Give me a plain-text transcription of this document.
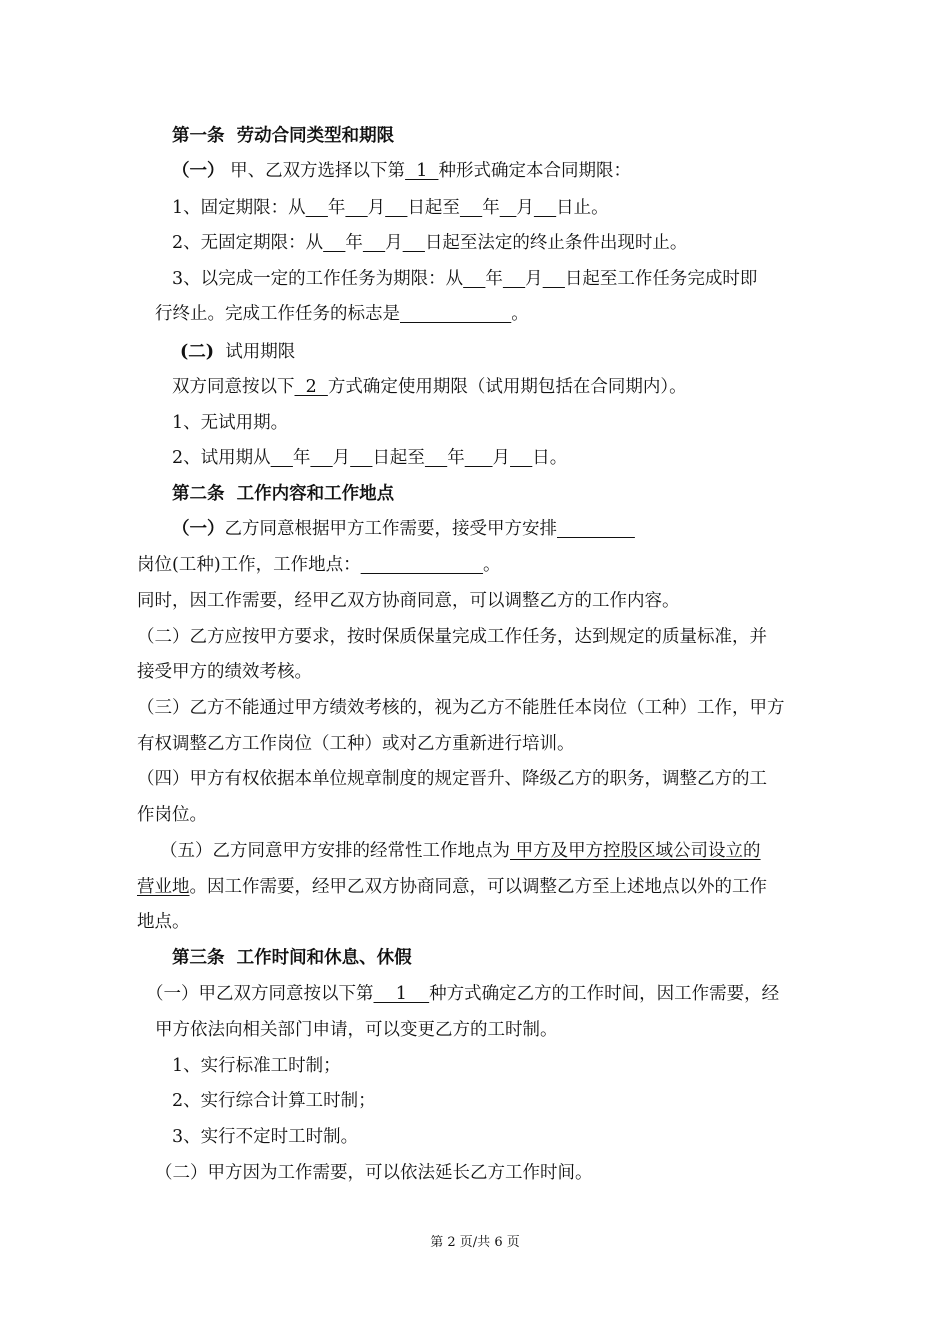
第一条  劳动合同类型和期限
（一） 甲、乙双方选择以下第  1  种形式确定本合同期限：
1、固定期限：从 年 月 日起至 年 月 日止。
2、无固定期限：从 年 月 日起至法定的终止条件出现时止。
3、以完成一定的工作任务为期限：从 年 月 日起至工作任务完成时即
行终止。完成工作任务的标志是	。
(二)  试用期限
双方同意按以下  2  方式确定使用期限（试用期包括在合同期内）。
1、无试用期。
2、试用期从 年 月 日起至 年 月 日。
第二条  工作内容和工作地点
（一）乙方同意根据甲方工作需要，接受甲方安排
岗位(工种)工作，工作地点：	。
同时，因工作需要，经甲乙双方协商同意，可以调整乙方的工作内容。
（二）乙方应按甲方要求，按时保质保量完成工作任务，达到规定的质量标准，并
接受甲方的绩效考核。
（三）乙方不能通过甲方绩效考核的，视为乙方不能胜任本岗位（工种）工作，甲方
有权调整乙方工作岗位（工种）或对乙方重新进行培训。
（四）甲方有权依据本单位规章制度的规定晋升、降级乙方的职务，调整乙方的工
作岗位。
（五）乙方同意甲方安排的经常性工作地点为 甲方及甲方控股区域公司设立的
营业地。因工作需要，经甲乙双方协商同意，可以调整乙方至上述地点以外的工作
地点。
第三条  工作时间和休息、休假
（一）甲乙双方同意按以下第    1    种方式确定乙方的工作时间，因工作需要，经
甲方依法向相关部门申请，可以变更乙方的工时制。
1、实行标准工时制；
2、实行综合计算工时制；
3、实行不定时工时制。
（二）甲方因为工作需要，可以依法延长乙方工作时间。
第 2 页/共 6 页
